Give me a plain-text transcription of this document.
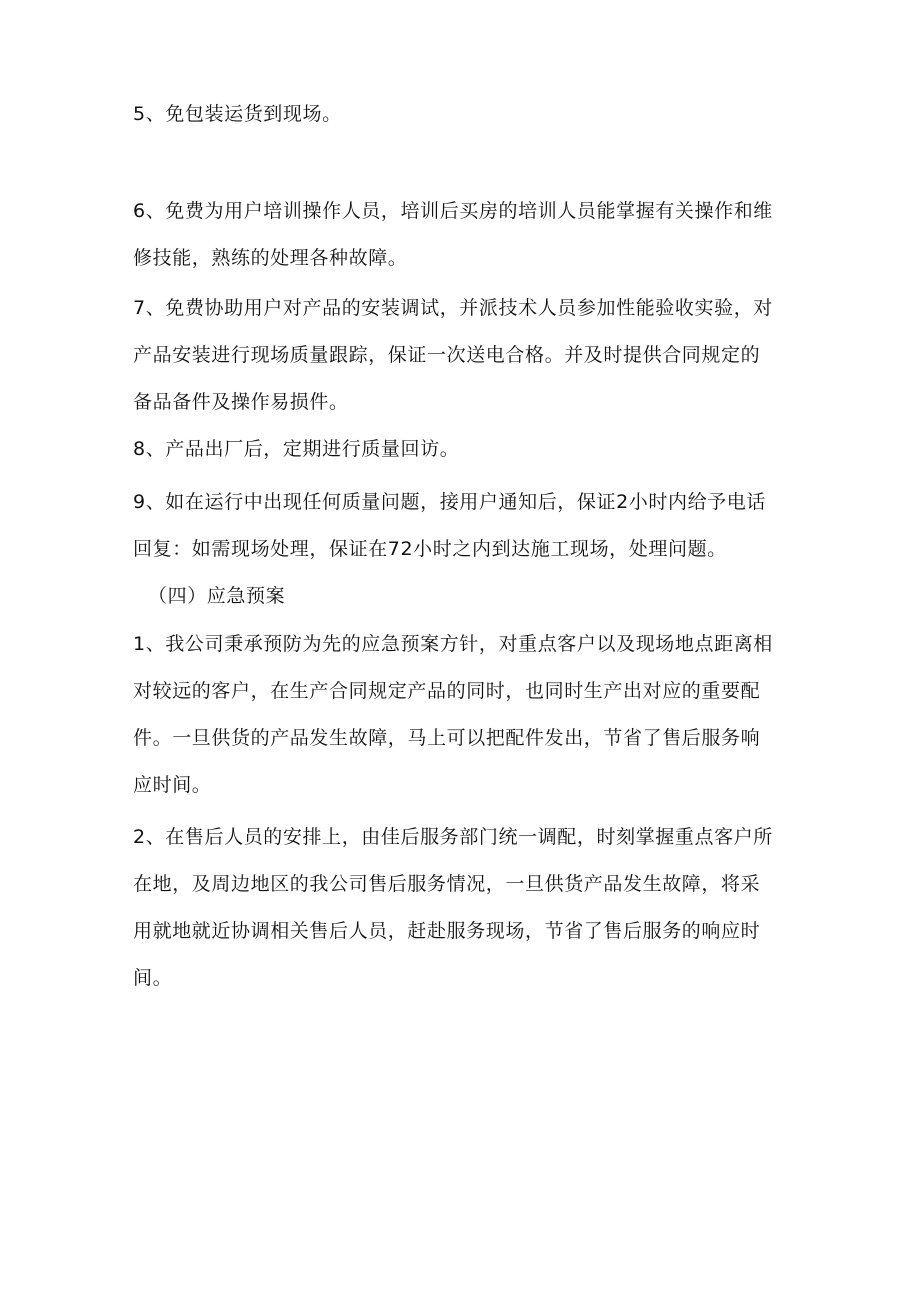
5、免包装运货到现场。
6、免费为用户培训操作人员，培训后买房的培训人员能掌握有关操作和维
修技能，熟练的处理各种故障。
7、免费协助用户对产品的安装调试，并派技术人员参加性能验收实验，对
产品安装进行现场质量跟踪，保证一次送电合格。并及时提供合同规定的
备品备件及操作易损件。
8、产品出厂后，定期进行质量回访。
9、如在运行中出现任何质量问题，接用户通知后，保证2小时内给予电话
回复：如需现场处理，保证在72小时之内到达施工现场，处理问题。
（四）应急预案
1、我公司秉承预防为先的应急预案方针，对重点客户以及现场地点距离相
对较远的客户，在生产合同规定产品的同时，也同时生产出对应的重要配
件。一旦供货的产品发生故障，马上可以把配件发出，节省了售后服务响
应时间。
2、在售后人员的安排上，由佳后服务部门统一调配，时刻掌握重点客户所
在地，及周边地区的我公司售后服务情况，一旦供货产品发生故障，将采
用就地就近协调相关售后人员，赶赴服务现场，节省了售后服务的响应时
间。
